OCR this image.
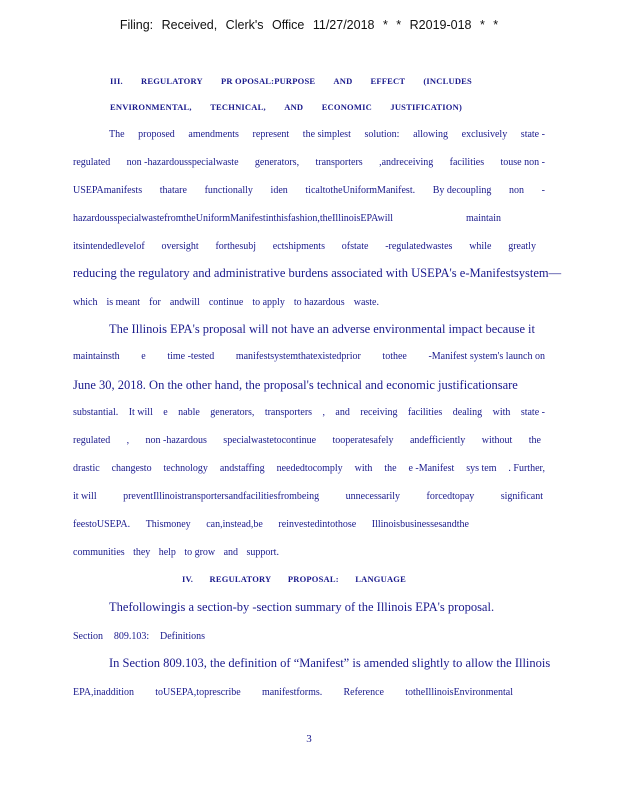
Filing: Received, Clerk's Office 11/27/2018 * * R2019-018 * *
III. REGULATORY PR OPOSAL:PURPOSE AND EFFECT (INCLUDES
ENVIRONMENTAL, TECHNICAL, AND ECONOMIC JUSTIFICATION)
The proposed amendments represent the simplest solution: allowing exclusively state -
regulated non -hazardousspecialwaste generators, transporters ,andreceiving facilities touse non -
USEPAmanifests thatare functionally iden ticaltotheUniformManifest. By decoupling non -
hazardousspecialwastefromtheUniformManifestinthisfashion,theIllinoisEPAwill	maintain
itsintendedlevelof oversight forthesubj ectshipments ofstate -regulatedwastes while greatly
reducing the regulatory and administrative burdens associated with USEPA's e-Manifestsystem —
which is meant for andwill continue to apply to hazardous waste.
The Illinois EPA's proposal will not have an adverse environmental impact because it
maintainsth e time -tested manifestsystemthatexistedprior tothee -Manifest system's launch on
June 30, 2018. On the other hand, the proposal's technical and economic justifications are
substantial. It will e nable generators, transporters , and receiving facilities dealing with state -
regulated , non -hazardous specialwastetocontinue tooperatesafely andefficiently without the
drastic changesto technology andstaffing neededtocomply with the e -Manifest sys tem . Further,
it will	preventIllinoistransportersandfacilitiesfrombeing	unnecessarily	forcedtopay	significant
feestoUSEPA. Thismoney can,instead,be reinvestedintothose Illinoisbusinessesandthe
communities they help to grow and support.
IV. REGULATORY PROPOSAL: LANGUAGE
The following is a section -by -section summary of the Illinois EPA's proposal.
Section 809.103: Definitions
In Section 809.103, the definition of “Manifest” is amended slightly to allow the Illinois
EPA,inaddition toUSEPA,toprescribe manifestforms. Reference totheIllinoisEnvironmental
3
